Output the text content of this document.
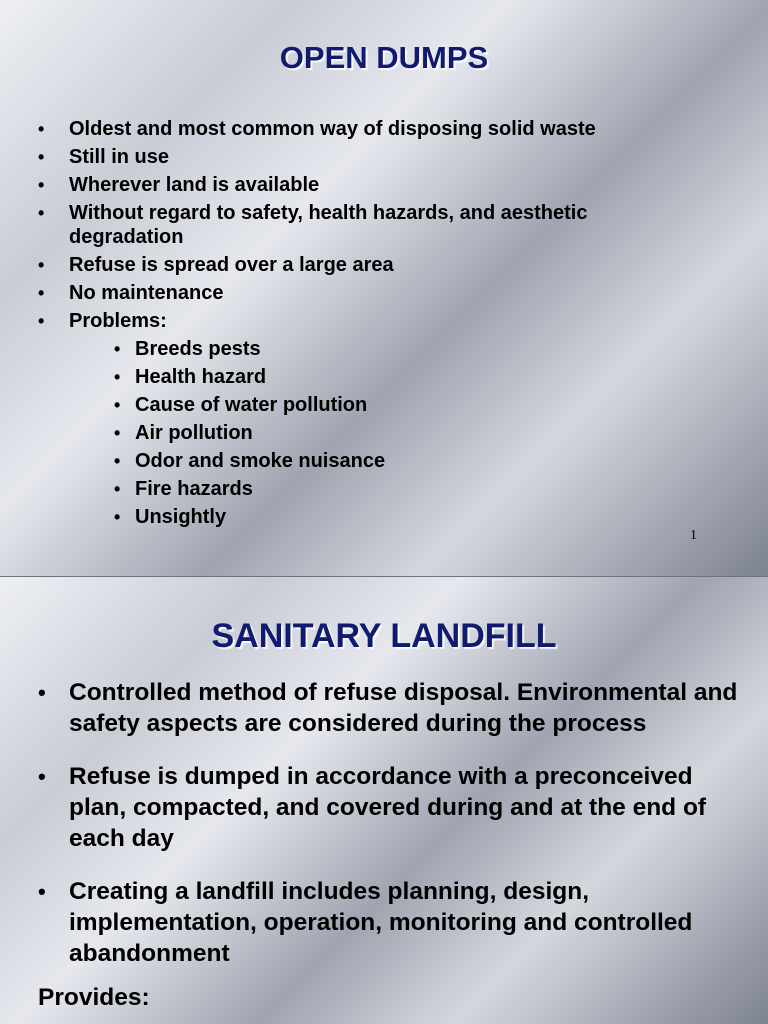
OPEN DUMPS
• Oldest and most common way of disposing solid waste
• Still in use
• Wherever land is available
• Without regard to safety, health hazards, and aesthetic degradation
• Refuse is spread over a large area
• No maintenance
• Problems:
• Breeds pests
• Health hazard
• Cause of water pollution
• Air pollution
• Odor and smoke nuisance
• Fire hazards
• Unsightly

1

SANITARY LANDFILL
• Controlled method of refuse disposal. Environmental and safety aspects are considered during the process
• Refuse is dumped in accordance with a preconceived plan, compacted, and covered during and at the end of each day
• Creating a landfill includes planning, design, implementation, operation, monitoring and controlled abandonment

Provides:
